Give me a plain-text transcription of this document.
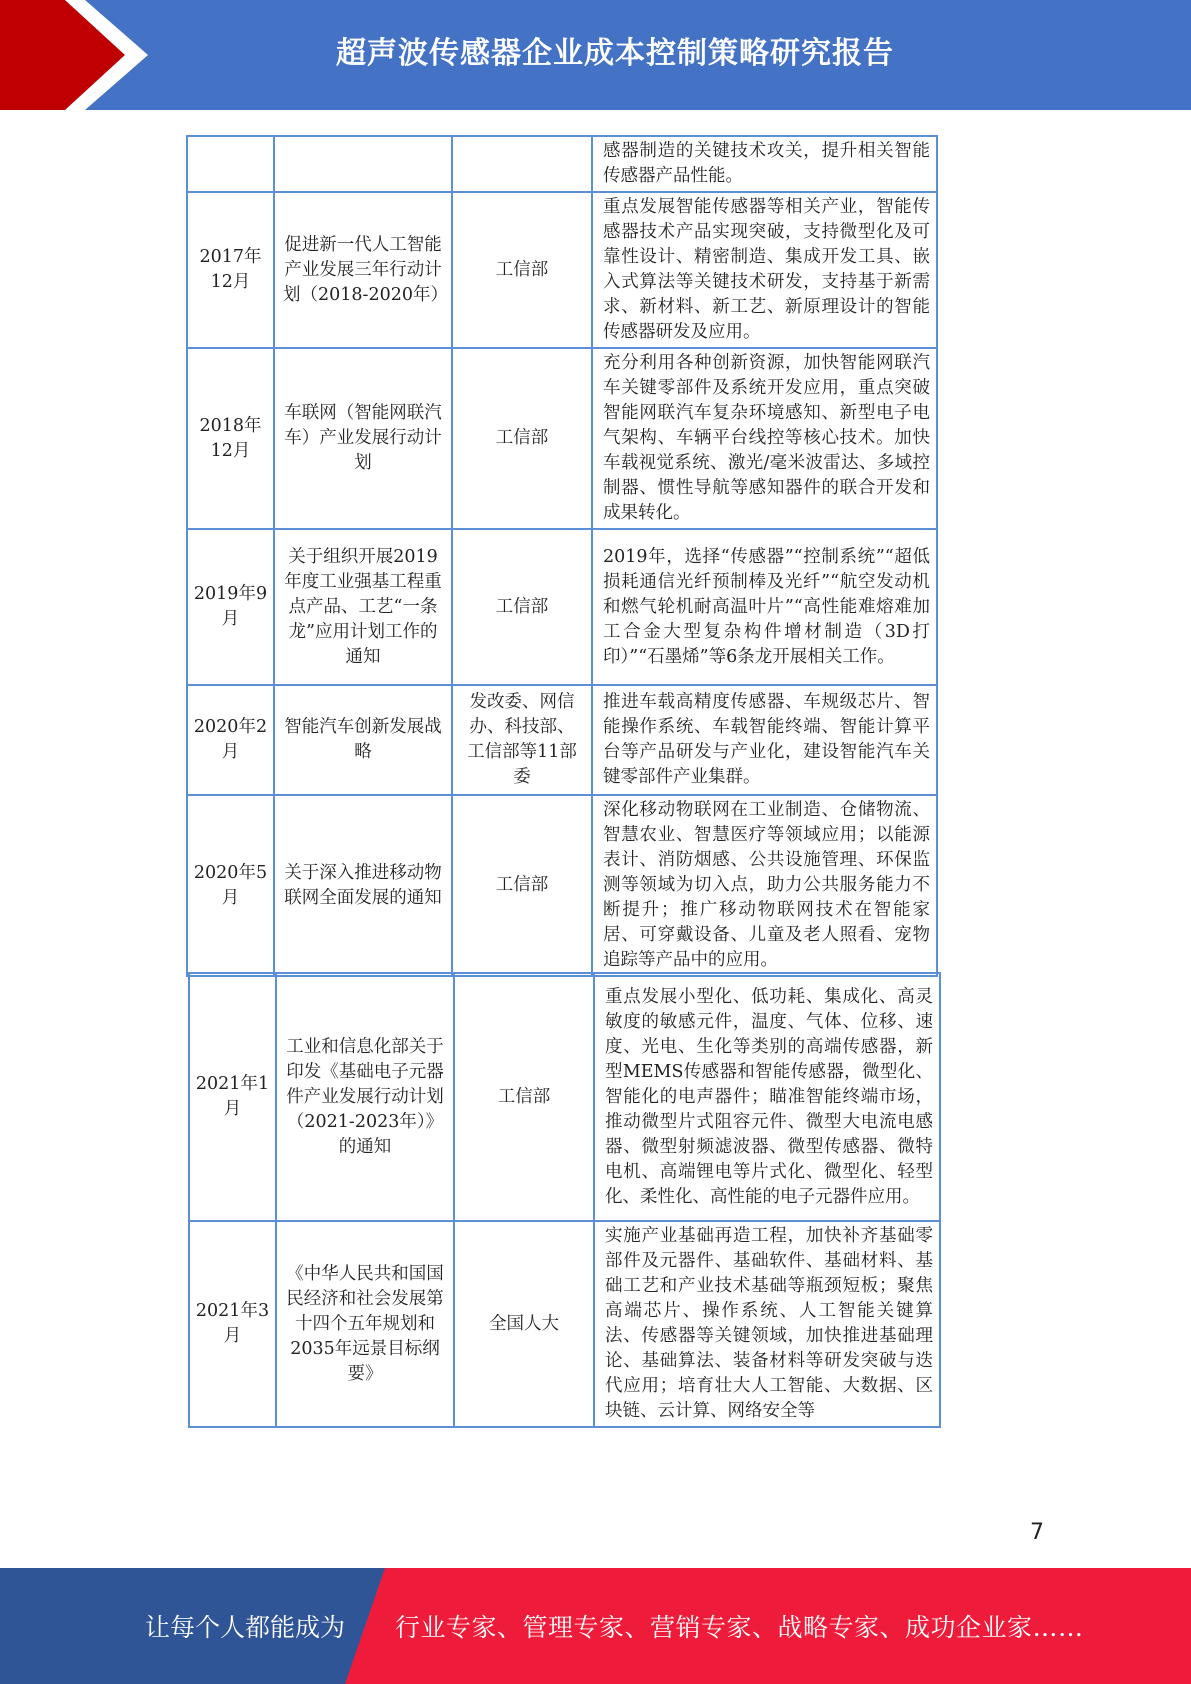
超声波传感器企业成本控制策略研究报告
			感器制造的关键技术攻关，提升相关智能传感器产品性能。
2017年12月	促进新一代人工智能产业发展三年行动计划（2018-2020年）	工信部	重点发展智能传感器等相关产业，智能传感器技术产品实现突破，支持微型化及可靠性设计、精密制造、集成开发工具、嵌入式算法等关键技术研发，支持基于新需求、新材料、新工艺、新原理设计的智能传感器研发及应用。
2018年12月	车联网（智能网联汽车）产业发展行动计划	工信部	充分利用各种创新资源，加快智能网联汽车关键零部件及系统开发应用，重点突破智能网联汽车复杂环境感知、新型电子电气架构、车辆平台线控等核心技术。加快车载视觉系统、激光/毫米波雷达、多域控制器、惯性导航等感知器件的联合开发和成果转化。
2019年9月	关于组织开展2019年度工业强基工程重点产品、工艺“一条龙”应用计划工作的通知	工信部	2019年，选择“传感器”“控制系统”“超低损耗通信光纤预制棒及光纤”“航空发动机和燃气轮机耐高温叶片”“高性能难熔难加工合金大型复杂构件增材制造（3D打印）”“石墨烯”等6条龙开展相关工作。
2020年2月	智能汽车创新发展战略	发改委、网信办、科技部、工信部等11部委	推进车载高精度传感器、车规级芯片、智能操作系统、车载智能终端、智能计算平台等产品研发与产业化，建设智能汽车关键零部件产业集群。
2020年5月	关于深入推进移动物联网全面发展的通知	工信部	深化移动物联网在工业制造、仓储物流、智慧农业、智慧医疗等领域应用；以能源表计、消防烟感、公共设施管理、环保监测等领域为切入点，助力公共服务能力不断提升；推广移动物联网技术在智能家居、可穿戴设备、儿童及老人照看、宠物追踪等产品中的应用。
2021年1月	工业和信息化部关于印发《基础电子元器件产业发展行动计划（2021-2023年）》的通知	工信部	重点发展小型化、低功耗、集成化、高灵敏度的敏感元件，温度、气体、位移、速度、光电、生化等类别的高端传感器，新型MEMS传感器和智能传感器，微型化、智能化的电声器件；瞄准智能终端市场，推动微型片式阻容元件、微型大电流电感器、微型射频滤波器、微型传感器、微特电机、高端锂电等片式化、微型化、轻型化、柔性化、高性能的电子元器件应用。
2021年3月	《中华人民共和国国民经济和社会发展第十四个五年规划和2035年远景目标纲要》	全国人大	实施产业基础再造工程，加快补齐基础零部件及元器件、基础软件、基础材料、基础工艺和产业技术基础等瓶颈短板；聚焦高端芯片、操作系统、人工智能关键算法、传感器等关键领域，加快推进基础理论、基础算法、装备材料等研发突破与迭代应用；培育壮大人工智能、大数据、区块链、云计算、网络安全等
7
让每个人都能成为	行业专家、管理专家、营销专家、战略专家、成功企业家……
